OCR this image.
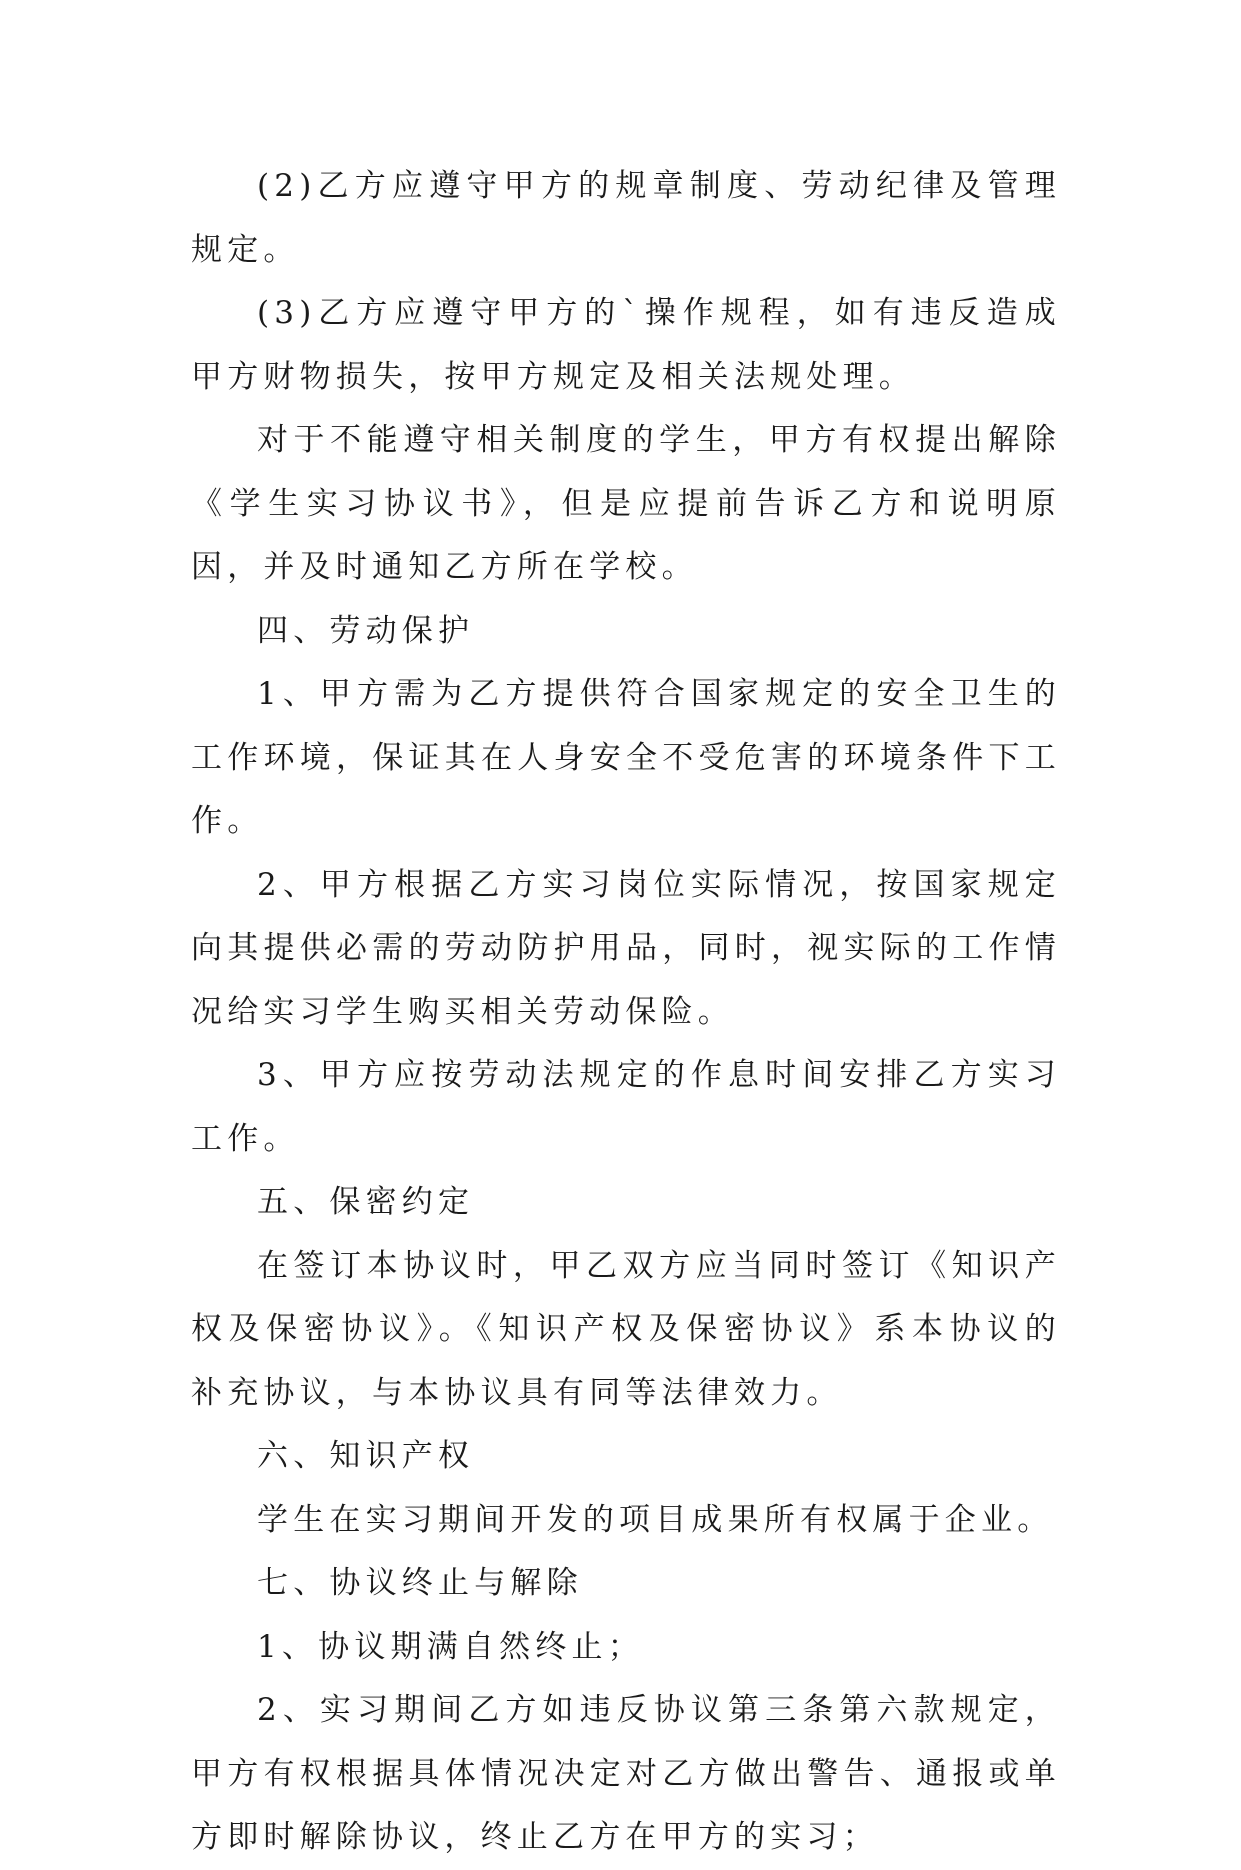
(2)乙方应遵守甲方的规章制度、劳动纪律及管理规定。

(3)乙方应遵守甲方的`操作规程，如有违反造成甲方财物损失，按甲方规定及相关法规处理。

对于不能遵守相关制度的学生，甲方有权提出解除《学生实习协议书》，但是应提前告诉乙方和说明原因，并及时通知乙方所在学校。

四、劳动保护

1、甲方需为乙方提供符合国家规定的安全卫生的工作环境，保证其在人身安全不受危害的环境条件下工作。

2、甲方根据乙方实习岗位实际情况，按国家规定向其提供必需的劳动防护用品，同时，视实际的工作情况给实习学生购买相关劳动保险。

3、甲方应按劳动法规定的作息时间安排乙方实习工作。

五、保密约定

在签订本协议时，甲乙双方应当同时签订《知识产权及保密协议》。《知识产权及保密协议》系本协议的补充协议，与本协议具有同等法律效力。

六、知识产权

学生在实习期间开发的项目成果所有权属于企业。

七、协议终止与解除

1、协议期满自然终止；

2、实习期间乙方如违反协议第三条第六款规定，甲方有权根据具体情况决定对乙方做出警告、通报或单方即时解除协议，终止乙方在甲方的实习；
